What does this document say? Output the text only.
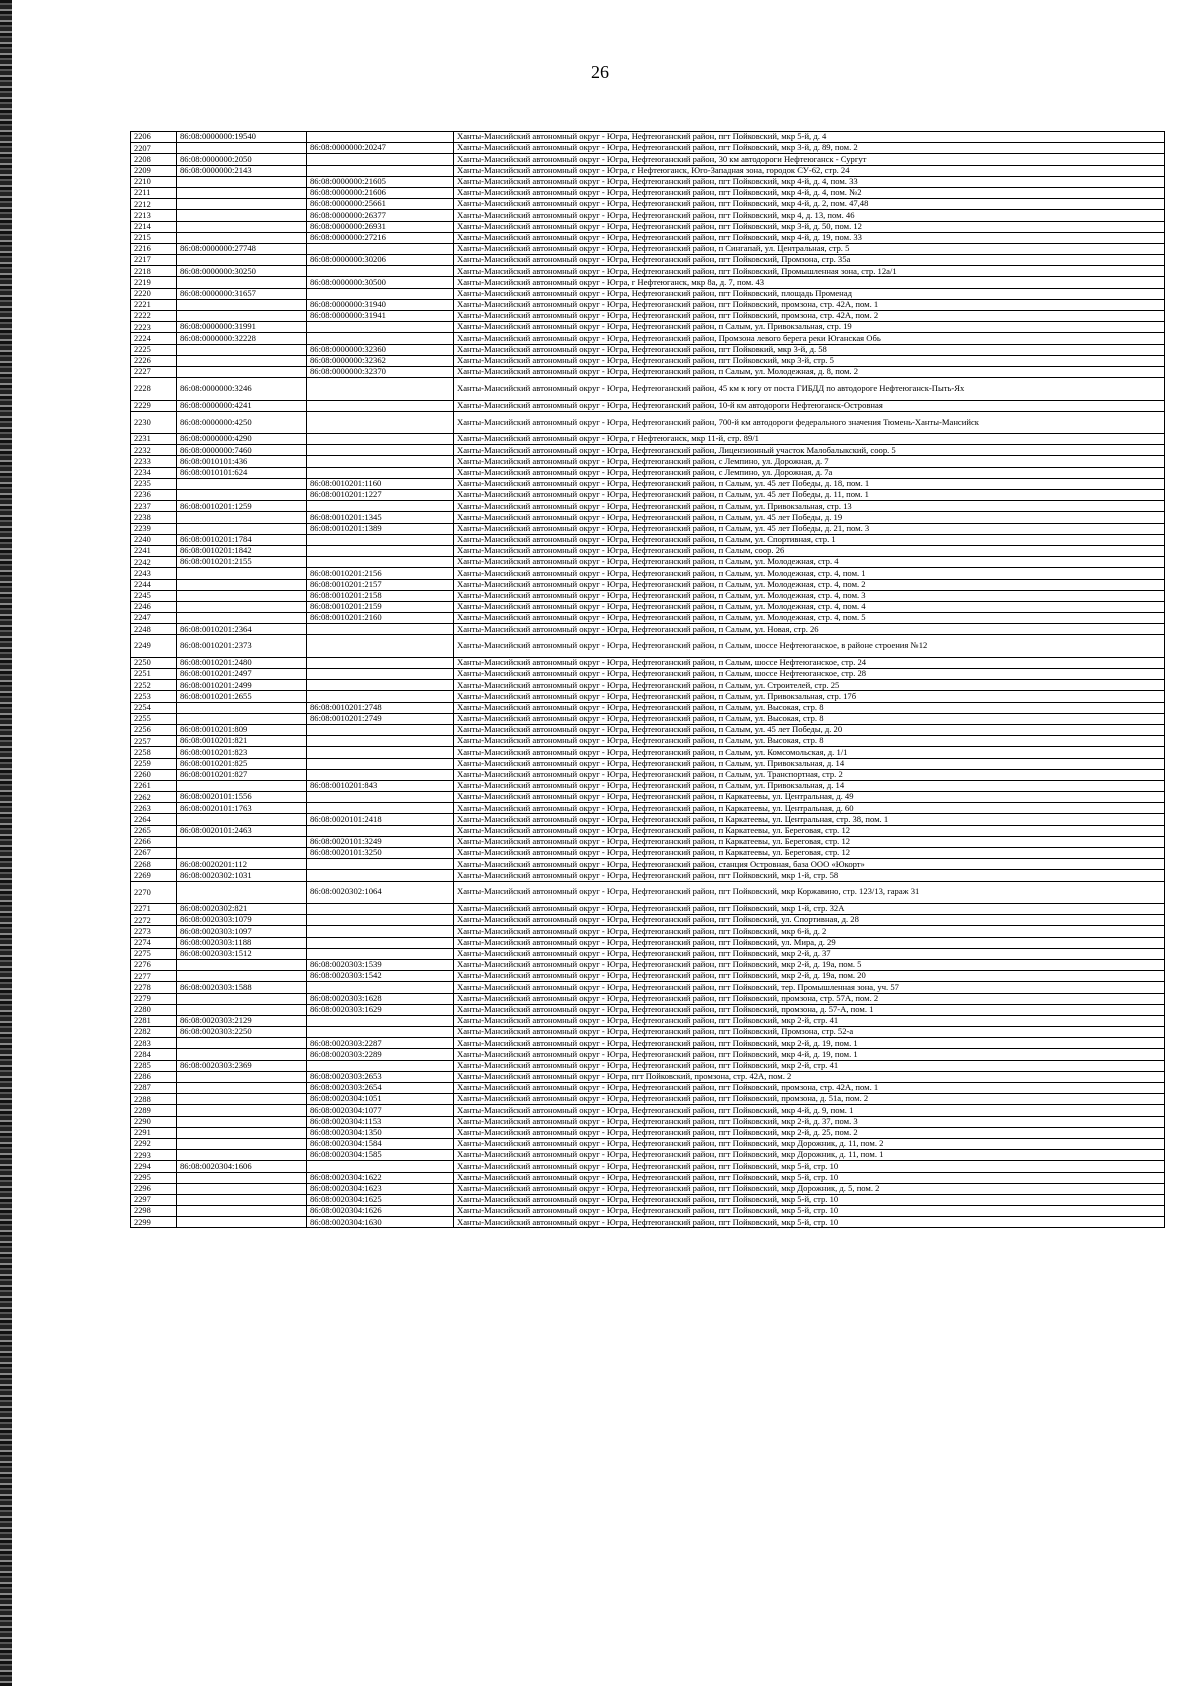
26
2206	86:08:0000000:19540		Ханты-Мансийский автономный округ - Югра, Нефтеюганский район, пгт Пойковский, мкр 5-й, д. 4
2207		86:08:0000000:20247	Ханты-Мансийский автономный округ - Югра, Нефтеюганский район, пгт Пойковский, мкр 3-й, д. 89, пом. 2
2208	86:08:0000000:2050		Ханты-Мансийский автономный округ - Югра, Нефтеюганский район, 30 км автодороги Нефтеюганск - Сургут
2209	86:08:0000000:2143		Ханты-Мансийский автономный округ - Югра, г Нефтеюганск, Юго-Западная зона, городок СУ-62, стр. 24
2210		86:08:0000000:21605	Ханты-Мансийский автономный округ - Югра, Нефтеюганский район, пгт Пойковский, мкр 4-й, д. 4, пом. 33
2211		86:08:0000000:21606	Ханты-Мансийский автономный округ - Югра, Нефтеюганский район, пгт Пойковский, мкр 4-й, д. 4, пом. №2
2212		86:08:0000000:25661	Ханты-Мансийский автономный округ - Югра, Нефтеюганский район, пгт Пойковский, мкр 4-й, д. 2, пом. 47,48
2213		86:08:0000000:26377	Ханты-Мансийский автономный округ - Югра, Нефтеюганский район, пгт Пойковский, мкр 4, д. 13, пом. 46
2214		86:08:0000000:26931	Ханты-Мансийский автономный округ - Югра, Нефтеюганский район, пгт Пойковский, мкр 3-й, д. 50, пом. 12
2215		86:08:0000000:27216	Ханты-Мансийский автономный округ - Югра, Нефтеюганский район, пгт Пойковский, мкр 4-й, д. 19, пом. 33
2216	86:08:0000000:27748		Ханты-Мансийский автономный округ - Югра, Нефтеюганский район, п Сингапай, ул. Центральная, стр. 5
2217		86:08:0000000:30206	Ханты-Мансийский автономный округ - Югра, Нефтеюганский район, пгт Пойковский, Промзона, стр. 35а
2218	86:08:0000000:30250		Ханты-Мансийский автономный округ - Югра, Нефтеюганский район, пгт Пойковский, Промышленная зона, стр. 12а/1
2219		86:08:0000000:30500	Ханты-Мансийский автономный округ - Югра, г Нефтеюганск, мкр 8а, д. 7, пом. 43
2220	86:08:0000000:31657		Ханты-Мансийский автономный округ - Югра, Нефтеюганский район, пгт Пойковский, площадь Променад
2221		86:08:0000000:31940	Ханты-Мансийский автономный округ - Югра, Нефтеюганский район, пгт Пойковский, промзона, стр. 42А, пом. 1
2222		86:08:0000000:31941	Ханты-Мансийский автономный округ - Югра, Нефтеюганский район, пгт Пойковский, промзона, стр. 42А, пом. 2
2223	86:08:0000000:31991		Ханты-Мансийский автономный округ - Югра, Нефтеюганский район, п Салым, ул. Привокзальная, стр. 19
2224	86:08:0000000:32228		Ханты-Мансийский автономный округ - Югра, Нефтеюганский район, Промзона левого берега реки Юганская Обь
2225		86:08:0000000:32360	Ханты-Мансийский автономный округ - Югра, Нефтеюганский район, пгт Пойковкий, мкр 3-й, д. 58
2226		86:08:0000000:32362	Ханты-Мансийский автономный округ - Югра, Нефтеюганский район, пгт Пойковский, мкр 3-й, стр. 5
2227		86:08:0000000:32370	Ханты-Мансийский автономный округ - Югра, Нефтеюганский район, п Салым, ул. Молодежная, д. 8, пом. 2
2228	86:08:0000000:3246		Ханты-Мансийский автономный округ - Югра, Нефтеюганский район, 45 км к югу от поста ГИБДД по автодороге Нефтеюганск-Пыть-Ях
2229	86:08:0000000:4241		Ханты-Мансийский автономный округ - Югра, Нефтеюганский район, 10-й км автодороги Нефтеюганск-Островная
2230	86:08:0000000:4250		Ханты-Мансийский автономный округ - Югра, Нефтеюганский район, 700-й км автодороги федерального значения Тюмень-Ханты-Мансийск
2231	86:08:0000000:4290		Ханты-Мансийский автономный округ - Югра, г Нефтеюганск, мкр 11-й, стр. 89/1
2232	86:08:0000000:7460		Ханты-Мансийский автономный округ - Югра, Нефтеюганский район, Лицензионный участок Малобалыкский, соор. 5
2233	86:08:0010101:436		Ханты-Мансийский автономный округ - Югра, Нефтеюганский район, с Лемпино, ул. Дорожная, д. 7
2234	86:08:0010101:624		Ханты-Мансийский автономный округ - Югра, Нефтеюганский район, с Лемпино, ул. Дорожная, д. 7а
2235		86:08:0010201:1160	Ханты-Мансийский автономный округ - Югра, Нефтеюганский район, п Салым, ул. 45 лет Победы, д. 18, пом. 1
2236		86:08:0010201:1227	Ханты-Мансийский автономный округ - Югра, Нефтеюганский район, п Салым, ул. 45 лет Победы, д. 11, пом. 1
2237	86:08:0010201:1259		Ханты-Мансийский автономный округ - Югра, Нефтеюганский район, п Салым, ул. Привокзальная, стр. 13
2238		86:08:0010201:1345	Ханты-Мансийский автономный округ - Югра, Нефтеюганский район, п Салым, ул. 45 лет Победы, д. 19
2239		86:08:0010201:1389	Ханты-Мансийский автономный округ - Югра, Нефтеюганский район, п Салым, ул. 45 лет Победы, д. 21, пом. 3
2240	86:08:0010201:1784		Ханты-Мансийский автономный округ - Югра, Нефтеюганский район, п Салым, ул. Спортивная, стр. 1
2241	86:08:0010201:1842		Ханты-Мансийский автономный округ - Югра, Нефтеюганский район, п Салым, соор. 26
2242	86:08:0010201:2155		Ханты-Мансийский автономный округ - Югра, Нефтеюганский район, п Салым, ул. Молодежная, стр. 4
2243		86:08:0010201:2156	Ханты-Мансийский автономный округ - Югра, Нефтеюганский район, п Салым, ул. Молодежная, стр. 4, пом. 1
2244		86:08:0010201:2157	Ханты-Мансийский автономный округ - Югра, Нефтеюганский район, п Салым, ул. Молодежная, стр. 4, пом. 2
2245		86:08:0010201:2158	Ханты-Мансийский автономный округ - Югра, Нефтеюганский район, п Салым, ул. Молодежная, стр. 4, пом. 3
2246		86:08:0010201:2159	Ханты-Мансийский автономный округ - Югра, Нефтеюганский район, п Салым, ул. Молодежная, стр. 4, пом. 4
2247		86:08:0010201:2160	Ханты-Мансийский автономный округ - Югра, Нефтеюганский район, п Салым, ул. Молодежная, стр. 4, пом. 5
2248	86:08:0010201:2364		Ханты-Мансийский автономный округ - Югра, Нефтеюганский район, п Салым, ул. Новая, стр. 26
2249	86:08:0010201:2373		Ханты-Мансийский автономный округ - Югра, Нефтеюганский район, п Салым, шоссе Нефтеюганское, в районе строения №12
2250	86:08:0010201:2480		Ханты-Мансийский автономный округ - Югра, Нефтеюганский район, п Салым, шоссе Нефтеюганское, стр. 24
2251	86:08:0010201:2497		Ханты-Мансийский автономный округ - Югра, Нефтеюганский район, п Салым, шоссе Нефтеюганское, стр. 28
2252	86:08:0010201:2499		Ханты-Мансийский автономный округ - Югра, Нефтеюганский район, п Салым, ул. Строителей, стр. 25
2253	86:08:0010201:2655		Ханты-Мансийский автономный округ - Югра, Нефтеюганский район, п Салым, ул. Привокзальная, стр. 17б
2254		86:08:0010201:2748	Ханты-Мансийский автономный округ - Югра, Нефтеюганский район, п Салым, ул. Высокая, стр. 8
2255		86:08:0010201:2749	Ханты-Мансийский автономный округ - Югра, Нефтеюганский район, п Салым, ул. Высокая, стр. 8
2256	86:08:0010201:809		Ханты-Мансийский автономный округ - Югра, Нефтеюганский район, п Салым, ул. 45 лет Победы, д. 20
2257	86:08:0010201:821		Ханты-Мансийский автономный округ - Югра, Нефтеюганский район, п Салым, ул. Высокая, стр. 8
2258	86:08:0010201:823		Ханты-Мансийский автономный округ - Югра, Нефтеюганский район, п Салым, ул. Комсомольская, д. 1/1
2259	86:08:0010201:825		Ханты-Мансийский автономный округ - Югра, Нефтеюганский район, п Салым, ул. Привокзальная, д. 14
2260	86:08:0010201:827		Ханты-Мансийский автономный округ - Югра, Нефтеюганский район, п Салым, ул. Транспортная, стр. 2
2261		86:08:0010201:843	Ханты-Мансийский автономный округ - Югра, Нефтеюганский район, п Салым, ул. Привокзальная, д. 14
2262	86:08:0020101:1556		Ханты-Мансийский автономный округ - Югра, Нефтеюганский район, п Каркатеевы, ул. Центральная, д. 49
2263	86:08:0020101:1763		Ханты-Мансийский автономный округ - Югра, Нефтеюганский район, п Каркатеевы, ул. Центральная, д. 60
2264		86:08:0020101:2418	Ханты-Мансийский автономный округ - Югра, Нефтеюганский район, п Каркатеевы, ул. Центральная, стр. 38, пом. 1
2265	86:08:0020101:2463		Ханты-Мансийский автономный округ - Югра, Нефтеюганский район, п Каркатеевы, ул. Береговая, стр. 12
2266		86:08:0020101:3249	Ханты-Мансийский автономный округ - Югра, Нефтеюганский район, п Каркатеевы, ул. Береговая, стр. 12
2267		86:08:0020101:3250	Ханты-Мансийский автономный округ - Югра, Нефтеюганский район, п Каркатеевы, ул. Береговая, стр. 12
2268	86:08:0020201:112		Ханты-Мансийский автономный округ - Югра, Нефтеюганский район, станция Островная, база ООО «Юкорт»
2269	86:08:0020302:1031		Ханты-Мансийский автономный округ - Югра, Нефтеюганский район, пгт Пойковский, мкр 1-й, стр. 58
2270		86:08:0020302:1064	Ханты-Мансийский автономный округ - Югра, Нефтеюганский район, пгт Пойковский, мкр Коржавино, стр. 123/13, гараж 31
2271	86:08:0020302:821		Ханты-Мансийский автономный округ - Югра, Нефтеюганский район, пгт Пойковский, мкр 1-й, стр. 32А
2272	86:08:0020303:1079		Ханты-Мансийский автономный округ - Югра, Нефтеюганский район, пгт Пойковский, ул. Спортивная, д. 28
2273	86:08:0020303:1097		Ханты-Мансийский автономный округ - Югра, Нефтеюганский район, пгт Пойковский, мкр 6-й, д. 2
2274	86:08:0020303:1188		Ханты-Мансийский автономный округ - Югра, Нефтеюганский район, пгт Пойковский, ул. Мира, д. 29
2275	86:08:0020303:1512		Ханты-Мансийский автономный округ - Югра, Нефтеюганский район, пгт Пойковский, мкр 2-й, д. 37
2276		86:08:0020303:1539	Ханты-Мансийский автономный округ - Югра, Нефтеюганский район, пгт Пойковский, мкр 2-й, д. 19а, пом. 5
2277		86:08:0020303:1542	Ханты-Мансийский автономный округ - Югра, Нефтеюганский район, пгт Пойковский, мкр 2-й, д. 19а, пом. 20
2278	86:08:0020303:1588		Ханты-Мансийский автономный округ - Югра, Нефтеюганский район, пгт Пойковский, тер. Промышленная зона, уч. 57
2279		86:08:0020303:1628	Ханты-Мансийский автономный округ - Югра, Нефтеюганский район, пгт Пойковский, промзона, стр. 57А, пом. 2
2280		86:08:0020303:1629	Ханты-Мансийский автономный округ - Югра, Нефтеюганский район, пгт Пойковский, промзона, д. 57-А, пом. 1
2281	86:08:0020303:2129		Ханты-Мансийский автономный округ - Югра, Нефтеюганский район, пгт Пойковский, мкр 2-й, стр. 41
2282	86:08:0020303:2250		Ханты-Мансийский автономный округ - Югра, Нефтеюганский район, пгт Пойковский, Промзона, стр. 52-а
2283		86:08:0020303:2287	Ханты-Мансийский автономный округ - Югра, Нефтеюганский район, пгт Пойковский, мкр 2-й, д. 19, пом. 1
2284		86:08:0020303:2289	Ханты-Мансийский автономный округ - Югра, Нефтеюганский район, пгт Пойковский, мкр 4-й, д. 19, пом. 1
2285	86:08:0020303:2369		Ханты-Мансийский автономный округ - Югра, Нефтеюганский район, пгт Пойковский, мкр 2-й, стр. 41
2286		86:08:0020303:2653	Ханты-Мансийский автономный округ - Югра, пгт Пойковский, промзона, стр. 42А, пом. 2
2287		86:08:0020303:2654	Ханты-Мансийский автономный округ - Югра, Нефтеюганский район, пгт Пойковский, промзона, стр. 42А, пом. 1
2288		86:08:0020304:1051	Ханты-Мансийский автономный округ - Югра, Нефтеюганский район, пгт Пойковский, промзона, д. 51а, пом. 2
2289		86:08:0020304:1077	Ханты-Мансийский автономный округ - Югра, Нефтеюганский район, пгт Пойковский, мкр 4-й, д. 9, пом. 1
2290		86:08:0020304:1153	Ханты-Мансийский автономный округ - Югра, Нефтеюганский район, пгт Пойковский, мкр 2-й, д. 37, пом. 3
2291		86:08:0020304:1350	Ханты-Мансийский автономный округ - Югра, Нефтеюганский район, пгт Пойковский, мкр 2-й, д. 25, пом. 2
2292		86:08:0020304:1584	Ханты-Мансийский автономный округ - Югра, Нефтеюганский район, пгт Пойковский, мкр Дорожник, д. 11, пом. 2
2293		86:08:0020304:1585	Ханты-Мансийский автономный округ - Югра, Нефтеюганский район, пгт Пойковский, мкр Дорожник, д. 11, пом. 1
2294	86:08:0020304:1606		Ханты-Мансийский автономный округ - Югра, Нефтеюганский район, пгт Пойковский, мкр 5-й, стр. 10
2295		86:08:0020304:1622	Ханты-Мансийский автономный округ - Югра, Нефтеюганский район, пгт Пойковский, мкр 5-й, стр. 10
2296		86:08:0020304:1623	Ханты-Мансийский автономный округ - Югра, Нефтеюганский район, пгт Пойковский, мкр Дорожник, д. 5, пом. 2
2297		86:08:0020304:1625	Ханты-Мансийский автономный округ - Югра, Нефтеюганский район, пгт Пойковский, мкр 5-й, стр. 10
2298		86:08:0020304:1626	Ханты-Мансийский автономный округ - Югра, Нефтеюганский район, пгт Пойковский, мкр 5-й, стр. 10
2299		86:08:0020304:1630	Ханты-Мансийский автономный округ - Югра, Нефтеюганский район, пгт Пойковский, мкр 5-й, стр. 10
